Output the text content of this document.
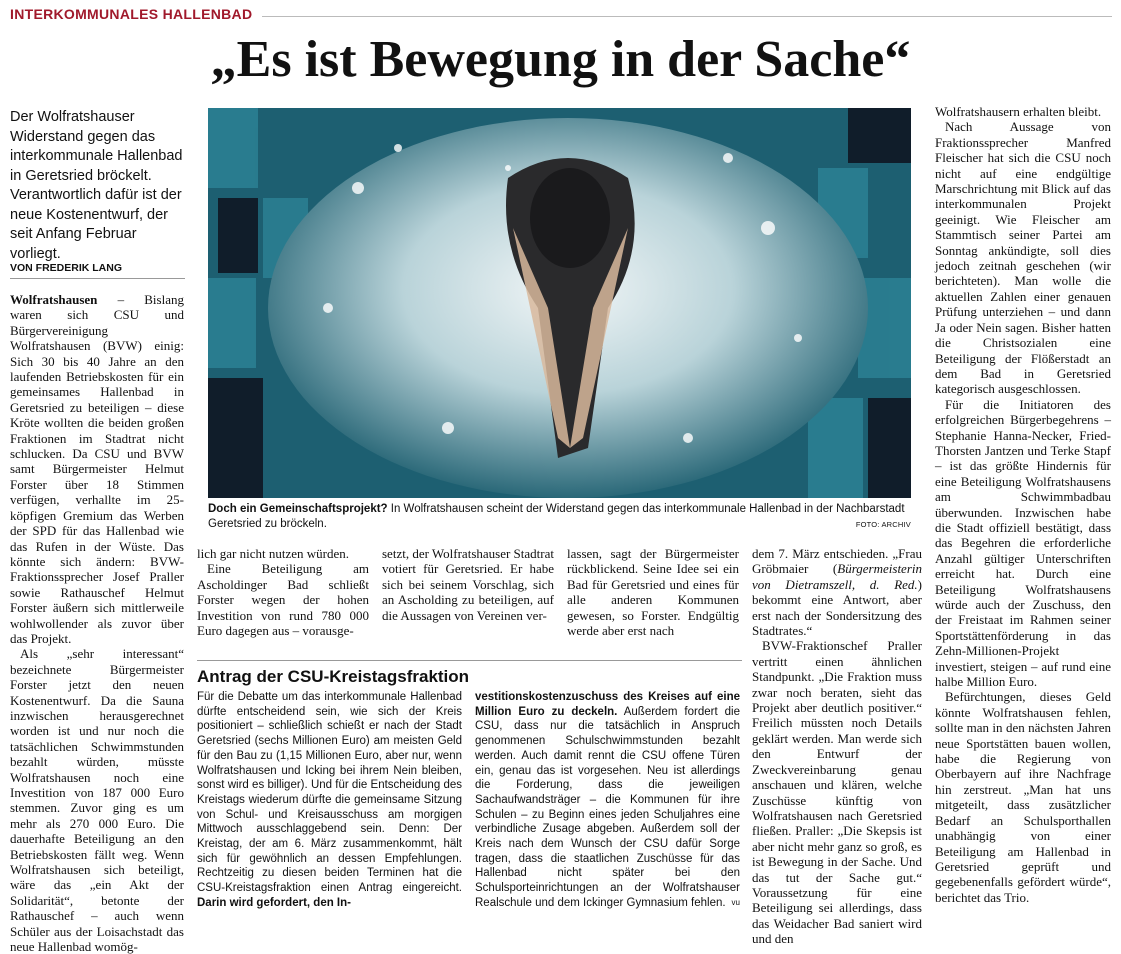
INTERKOMMUNALES HALLENBAD
„Es ist Bewegung in der Sache“
Der Wolfratshauser Widerstand gegen das interkommunale Hallenbad in Geretsried bröckelt. Verantwortlich dafür ist der neue Kostenentwurf, der seit Anfang Februar vorliegt.
VON FREDERIK LANG
Doch ein Gemeinschaftsprojekt? In Wolfratshausen scheint der Widerstand gegen das interkommunale Hallenbad in der Nachbarstadt Geretsried zu bröckeln.	FOTO: ARCHIV

Wolfratshausen – Bislang waren sich CSU und Bürgervereinigung Wolfratshausen (BVW) einig: Sich 30 bis 40 Jahre an den laufenden Betriebskosten für ein gemeinsames Hallenbad in Geretsried zu beteiligen – diese Kröte wollten die beiden großen Fraktionen im Stadtrat nicht schlucken. Da CSU und BVW samt Bürgermeister Helmut Forster über 18 Stimmen verfügen, verhallte im 25-köpfigen Gremium das Werben der SPD für das Hallenbad wie das Rufen in der Wüste. Das könnte sich ändern: BVW-Fraktionssprecher Josef Praller sowie Rathauschef Helmut Forster äußern sich mittlerweile wohlwollender als zuvor über das Projekt.

Als „sehr interessant“ bezeichnete Bürgermeister Forster jetzt den neuen Kostenentwurf. Da die Sauna inzwischen herausgerechnet worden ist und nur noch die tatsächlichen Schwimmstunden bezahlt würden, müsste Wolfratshausen noch eine Investition von 187 000 Euro stemmen. Zuvor ging es um mehr als 270 000 Euro. Die dauerhafte Beteiligung an den Betriebskosten fällt weg. Wenn Wolfratshausen sich beteiligt, wäre das „ein Akt der Solidarität“, betonte der Rathauschef – auch wenn Schüler aus der Loisachstadt das neue Hallenbad womög-

lich gar nicht nutzen würden.

Eine Beteiligung am Ascholdinger Bad schließt Forster wegen der hohen Investition von rund 780 000 Euro dagegen aus – vorausge-

setzt, der Wolfratshauser Stadtrat votiert für Geretsried. Er habe sich bei seinem Vorschlag, sich an Ascholding zu beteiligen, auf die Aussagen von Vereinen ver-

lassen, sagt der Bürgermeister rückblickend. Seine Idee sei ein Bad für Geretsried und eines für alle anderen Kommunen gewesen, so Forster. Endgültig werde aber erst nach

dem 7. März entschieden. „Frau Gröbmaier (Bürgermeisterin von Dietramszell, d. Red.) bekommt eine Antwort, aber erst nach der Sondersitzung des Stadtrates.“

BVW-Fraktionschef Praller vertritt einen ähnlichen Standpunkt. „Die Fraktion muss zwar noch beraten, sieht das Projekt aber deutlich positiver.“ Freilich müssten noch Details geklärt werden. Man werde sich den Entwurf der Zweckvereinbarung genau anschauen und klären, welche Zuschüsse künftig von Wolfratshausen nach Geretsried fließen. Praller: „Die Skepsis ist aber nicht mehr ganz so groß, es ist Bewegung in der Sache. Und das tut der Sache gut.“ Voraussetzung für eine Beteiligung sei allerdings, dass das Weidacher Bad saniert wird und den

Wolfratshausern erhalten bleibt.

Nach Aussage von Fraktionssprecher Manfred Fleischer hat sich die CSU noch nicht auf eine endgültige Marschrichtung mit Blick auf das interkommunalen Projekt geeinigt. Wie Fleischer am Stammtisch seiner Partei am Sonntag ankündigte, soll dies jedoch zeitnah geschehen (wir berichteten). Man wolle die aktuellen Zahlen einer genauen Prüfung unterziehen – und dann Ja oder Nein sagen. Bisher hatten die Christsozialen eine Beteiligung der Flößerstadt an dem Bad in Geretsried kategorisch ausgeschlossen.

Für die Initiatoren des erfolgreichen Bürgerbegehrens – Stephanie Hanna-Necker, Fried-Thorsten Jantzen und Terke Stapf – ist das größte Hindernis für eine Beteiligung Wolfratshausens am Schwimmbadbau überwunden. Inzwischen habe die Stadt offiziell bestätigt, dass das Begehren die erforderliche Anzahl gültiger Unterschriften erreicht hat. Durch eine Beteiligung Wolfratshausens würde auch der Zuschuss, den der Freistaat im Rahmen seiner Sportstättenförderung in das Zehn-Millionen-Projekt investiert, steigen – auf rund eine halbe Million Euro.

Befürchtungen, dieses Geld könnte Wolfratshausen fehlen, sollte man in den nächsten Jahren neue Sportstätten bauen wollen, habe die Regierung von Oberbayern auf ihre Nachfrage hin zerstreut. „Man hat uns mitgeteilt, dass zusätzlicher Bedarf an Schulsporthallen unabhängig von einer Beteiligung am Hallenbad in Geretsried geprüft und gegebenenfalls gefördert würde“, berichtet das Trio.

Antrag der CSU-Kreistagsfraktion

Für die Debatte um das interkommunale Hallenbad dürfte entscheidend sein, wie sich der Kreis positioniert – schließlich schießt er nach der Stadt Geretsried (sechs Millionen Euro) am meisten Geld für den Bau zu (1,15 Millionen Euro, aber nur, wenn Wolfratshausen und Icking bei ihrem Nein bleiben, sonst wird es billiger). Und für die Entscheidung des Kreistags wiederum dürfte die gemeinsame Sitzung von Schul- und Kreisausschuss am morgigen Mittwoch ausschlaggebend sein. Denn: Der Kreistag, der am 6. März zusammenkommt, hält sich für gewöhnlich an dessen Empfehlungen. Rechtzeitig zu diesen beiden Terminen hat die CSU-Kreistagsfraktion einen Antrag eingereicht. Darin wird gefordert, den In-

vestitionskostenzuschuss des Kreises auf eine Million Euro zu deckeln. Außerdem fordert die CSU, dass nur die tatsächlich in Anspruch genommenen Schulschwimmstunden bezahlt werden. Auch damit rennt die CSU offene Türen ein, genau das ist vorgesehen. Neu ist allerdings die Forderung, dass die jeweiligen Sachaufwandsträger – die Kommunen für ihre Schulen – zu Beginn eines jeden Schuljahres eine verbindliche Zusage abgeben. Außerdem soll der Kreis nach dem Wunsch der CSU dafür Sorge tragen, dass die staatlichen Zuschüsse für das Hallenbad nicht später bei den Schulsporteinrichtungen an der Wolfratshauser Realschule und dem Ickinger Gymnasium fehlen. vu
